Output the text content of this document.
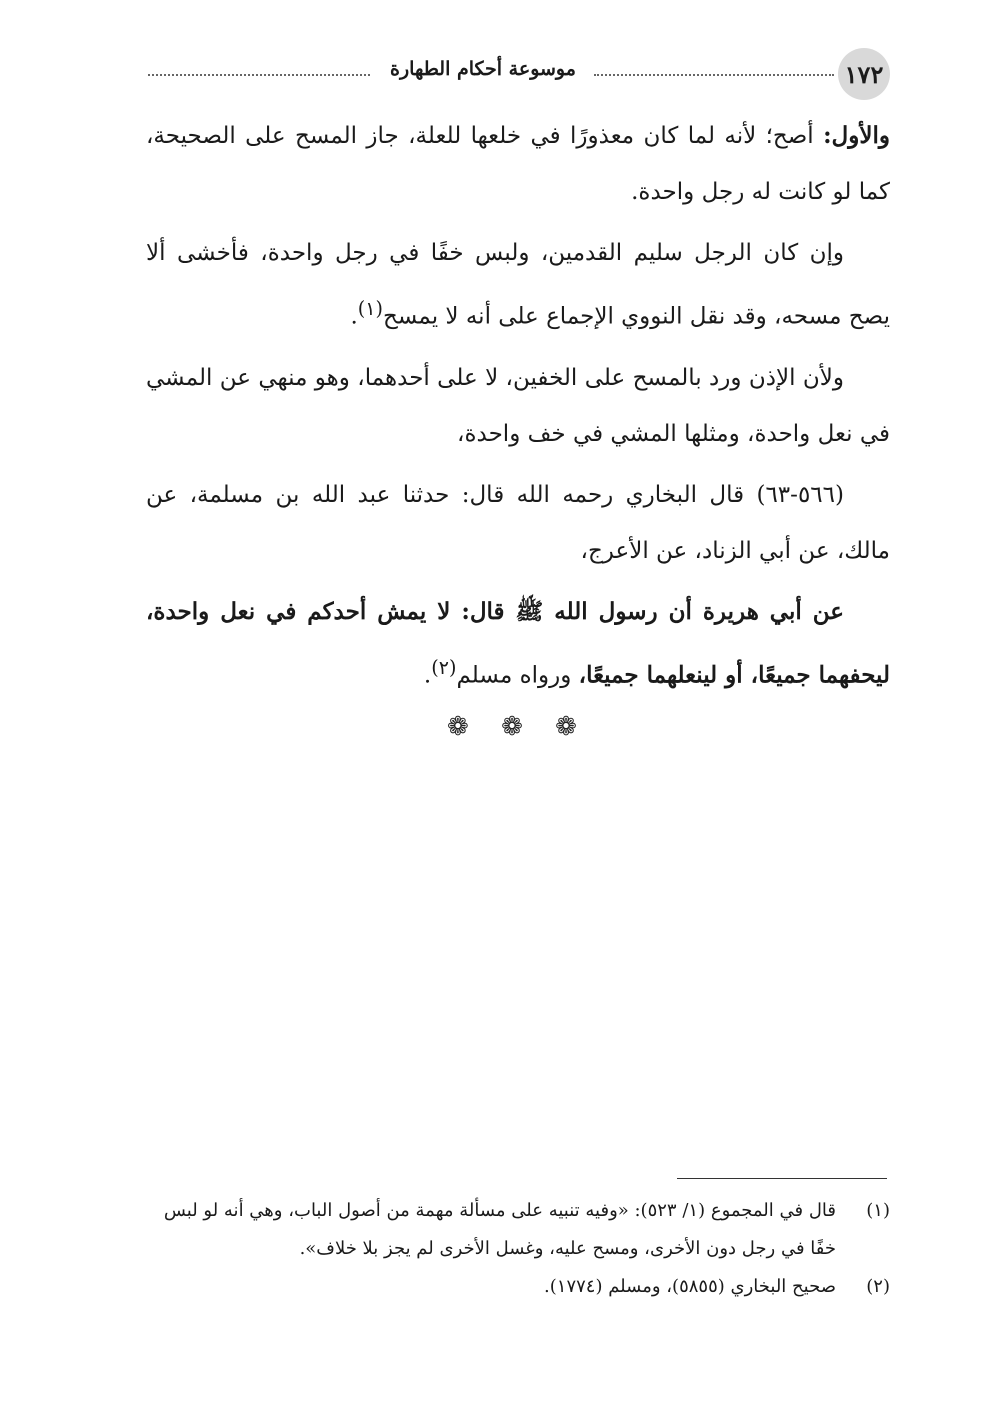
١٧٢
موسوعة أحكام الطهارة

والأول: أصح؛ لأنه لما كان معذورًا في خلعها للعلة، جاز المسح على الصحيحة، كما لو كانت له رجل واحدة.

وإن كان الرجل سليم القدمين، ولبس خفًا في رجل واحدة، فأخشى ألا يصح مسحه، وقد نقل النووي الإجماع على أنه لا يمسح$^{(١)}$.

ولأن الإذن ورد بالمسح على الخفين، لا على أحدهما، وهو منهي عن المشي في نعل واحدة، ومثلها المشي في خف واحدة،

(٥٦٦-٦٣) قال البخاري رحمه الله قال: حدثنا عبد الله بن مسلمة، عن مالك، عن أبي الزناد، عن الأعرج،

عن أبي هريرة أن رسول الله ﷺ قال: لا يمش أحدكم في نعل واحدة، ليحفهما جميعًا، أو لينعلهما جميعًا، ورواه مسلم$^{(٢)}$.

❁ ❁ ❁

(١)
قال في المجموع (١/ ٥٢٣): «وفيه تنبيه على مسألة مهمة من أصول الباب، وهي أنه لو لبس خفًا في رجل دون الأخرى، ومسح عليه، وغسل الأخرى لم يجز بلا خلاف».

(٢)
صحيح البخاري (٥٨٥٥)، ومسلم (١٧٧٤).
